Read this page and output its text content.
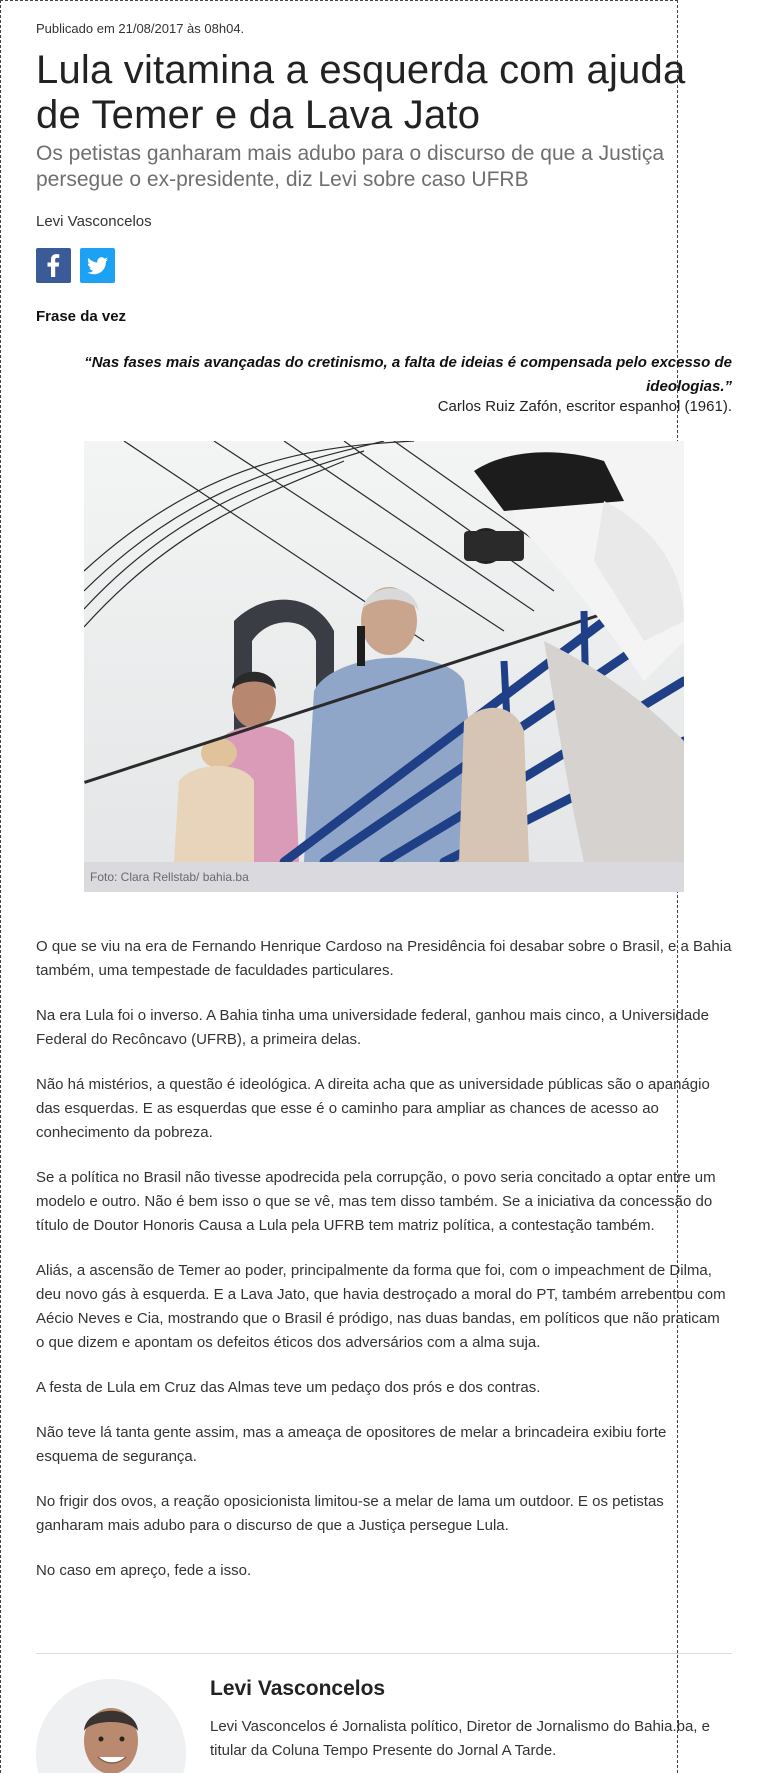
Publicado em 21/08/2017 às 08h04.
Lula vitamina a esquerda com ajuda de Temer e da Lava Jato
Os petistas ganharam mais adubo para o discurso de que a Justiça persegue o ex-presidente, diz Levi sobre caso UFRB
Levi Vasconcelos
Frase da vez
“Nas fases mais avançadas do cretinismo, a falta de ideias é compensada pelo excesso de ideologias.”
Carlos Ruiz Zafón, escritor espanhol (1961).
Foto: Clara Rellstab/ bahia.ba

O que se viu na era de Fernando Henrique Cardoso na Presidência foi desabar sobre o Brasil, e a Bahia também, uma tempestade de faculdades particulares.

Na era Lula foi o inverso. A Bahia tinha uma universidade federal, ganhou mais cinco, a Universidade Federal do Recôncavo (UFRB), a primeira delas.

Não há mistérios, a questão é ideológica. A direita acha que as universidade públicas são o apanágio das esquerdas. E as esquerdas que esse é o caminho para ampliar as chances de acesso ao conhecimento da pobreza.

Se a política no Brasil não tivesse apodrecida pela corrupção, o povo seria concitado a optar entre um modelo e outro. Não é bem isso o que se vê, mas tem disso também. Se a iniciativa da concessão do título de Doutor Honoris Causa a Lula pela UFRB tem matriz política, a contestação também.

Aliás, a ascensão de Temer ao poder, principalmente da forma que foi, com o impeachment de Dilma, deu novo gás à esquerda. E a Lava Jato, que havia destroçado a moral do PT, também arrebentou com Aécio Neves e Cia, mostrando que o Brasil é pródigo, nas duas bandas, em políticos que não praticam o que dizem e apontam os defeitos éticos dos adversários com a alma suja.

A festa de Lula em Cruz das Almas teve um pedaço dos prós e dos contras.

Não teve lá tanta gente assim, mas a ameaça de opositores de melar a brincadeira exibiu forte esquema de segurança.

No frigir dos ovos, a reação oposicionista limitou-se a melar de lama um outdoor. E os petistas ganharam mais adubo para o discurso de que a Justiça persegue Lula.

No caso em apreço, fede a isso.

Levi Vasconcelos
Levi Vasconcelos é Jornalista político, Diretor de Jornalismo do Bahia.ba, e titular da Coluna Tempo Presente do Jornal A Tarde.
